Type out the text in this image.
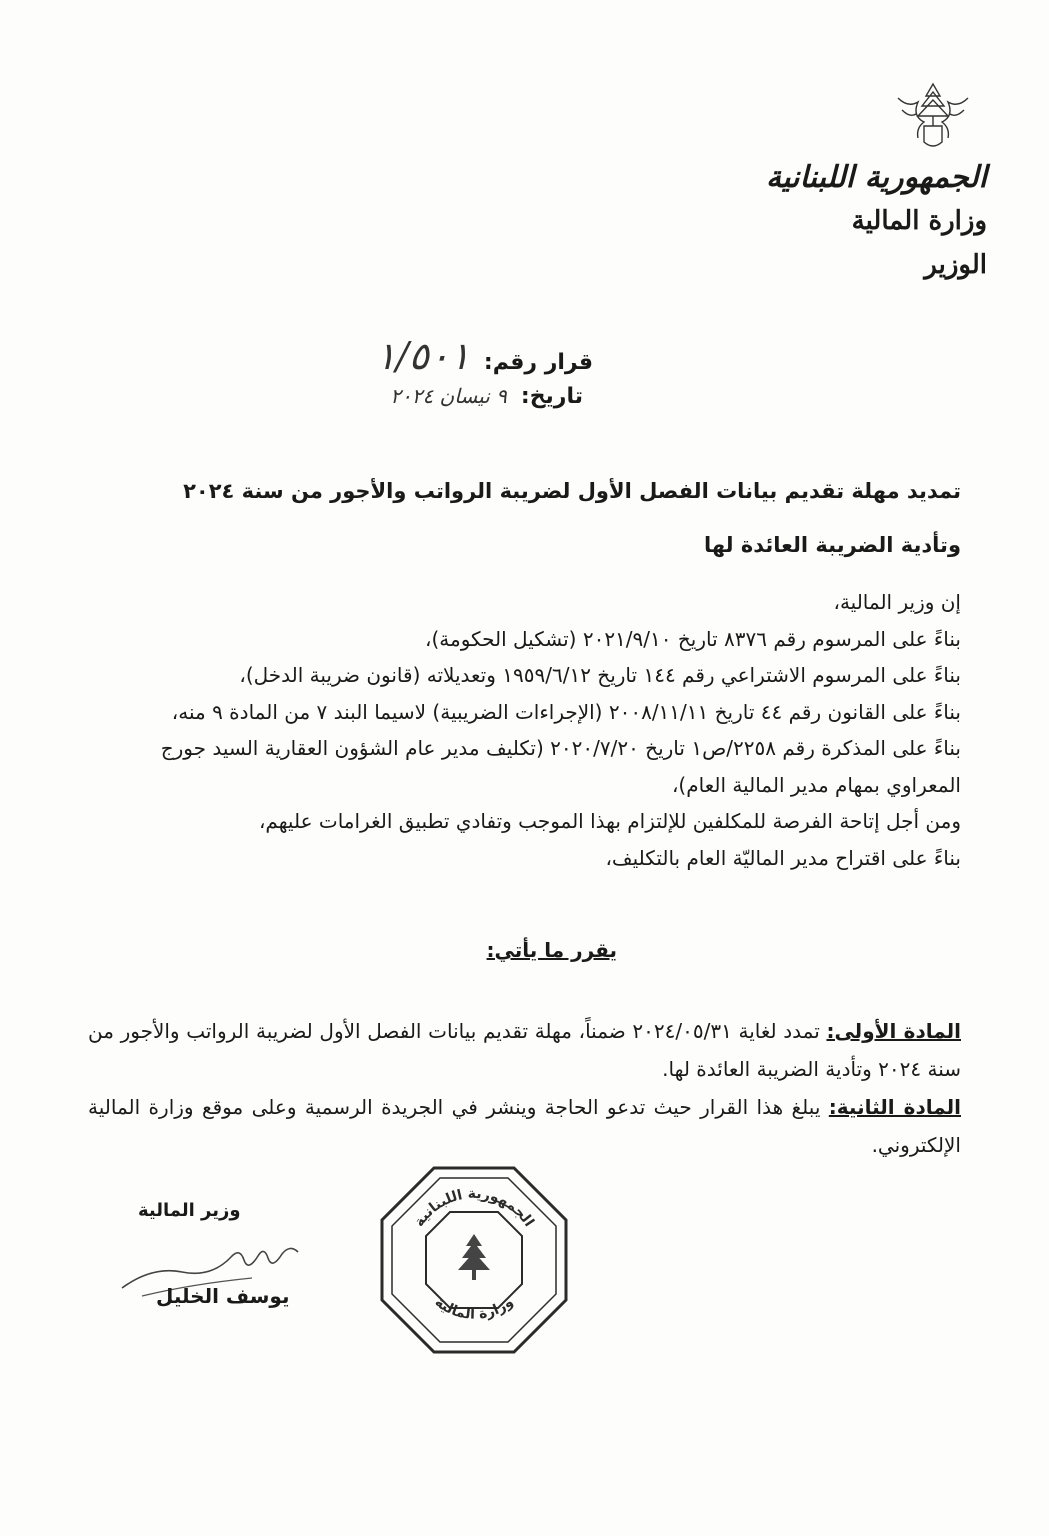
الجمهورية اللبنانية
وزارة المالية
الوزير
قرار رقم:
١/٥٠١
تاريخ:
٩ نيسان ٢٠٢٤
تمديد مهلة تقديم بيانات الفصل الأول لضريبة الرواتب والأجور من سنة ٢٠٢٤ وتأدية الضريبة العائدة لها

إن وزير المالية،

بناءً على المرسوم رقم ٨٣٧٦ تاريخ ٢٠٢١/٩/١٠ (تشكيل الحكومة)،

بناءً على المرسوم الاشتراعي رقم ١٤٤ تاريخ ١٩٥٩/٦/١٢ وتعديلاته (قانون ضريبة الدخل)،

بناءً على القانون رقم ٤٤ تاريخ ٢٠٠٨/١١/١١ (الإجراءات الضريبية) لاسيما البند ٧ من المادة ٩ منه،

بناءً على المذكرة رقم ٢٢٥٨/ص١ تاريخ ٢٠٢٠/٧/٢٠ (تكليف مدير عام الشؤون العقارية السيد جورج المعراوي بمهام مدير المالية العام)،

ومن أجل إتاحة الفرصة للمكلفين للإلتزام بهذا الموجب وتفادي تطبيق الغرامات عليهم،

بناءً على اقتراح مدير الماليّة العام بالتكليف،

يقرر ما يأتي:

المادة الأولى: تمدد لغاية ٢٠٢٤/٠٥/٣١ ضمناً، مهلة تقديم بيانات الفصل الأول لضريبة الرواتب والأجور من سنة ٢٠٢٤ وتأدية الضريبة العائدة لها.

المادة الثانية: يبلغ هذا القرار حيث تدعو الحاجة وينشر في الجريدة الرسمية وعلى موقع وزارة المالية الإلكتروني.

وزير المالية
يوسف الخليل
الجمهورية اللبنانية
وزارة المالية
